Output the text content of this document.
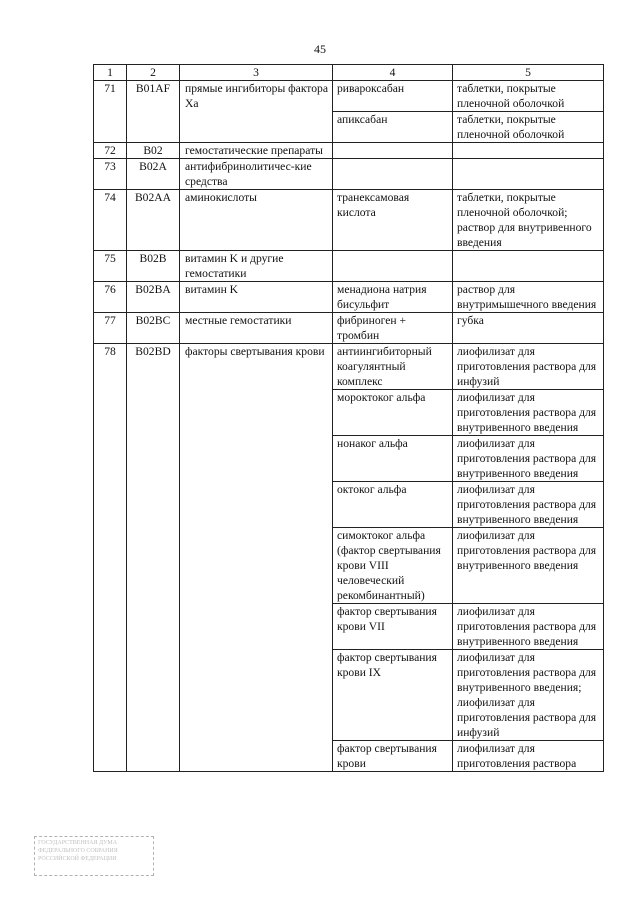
45
1	2	3	4	5
71	B01AF	прямые ингибиторы фактора Xa	ривароксабан	таблетки, покрытые пленочной оболочкой
			апиксабан	таблетки, покрытые пленочной оболочкой
72	B02	гемостатические препараты		
73	B02A	антифибринолитичес-кие средства		
74	B02AA	аминокислоты	транексамовая кислота	таблетки, покрытые пленочной оболочкой; раствор для внутривенного введения
75	B02B	витамин K и другие гемостатики		
76	B02BA	витамин K	менадиона натрия бисульфит	раствор для внутримышечного введения
77	B02BC	местные гемостатики	фибриноген + тромбин	губка
78	B02BD	факторы свертывания крови	антиингибиторный коагулянтный комплекс	лиофилизат для приготовления раствора для инфузий
			мороктоког альфа	лиофилизат для приготовления раствора для внутривенного введения
			нонаког альфа	лиофилизат для приготовления раствора для внутривенного введения
			октоког альфа	лиофилизат для приготовления раствора для внутривенного введения
			симоктоког альфа (фактор свертывания крови VIII человеческий рекомбинантный)	лиофилизат для приготовления раствора для внутривенного введения
			фактор свертывания крови VII	лиофилизат для приготовления раствора для внутривенного введения
			фактор свертывания крови IX	лиофилизат для приготовления раствора для внутривенного введения; лиофилизат для приготовления раствора для инфузий
			фактор свертывания крови	лиофилизат для приготовления раствора
ГОСУДАРСТВЕННАЯ ДУМА ФЕДЕРАЛЬНОГО СОБРАНИЯ РОССИЙСКОЙ ФЕДЕРАЦИИ
